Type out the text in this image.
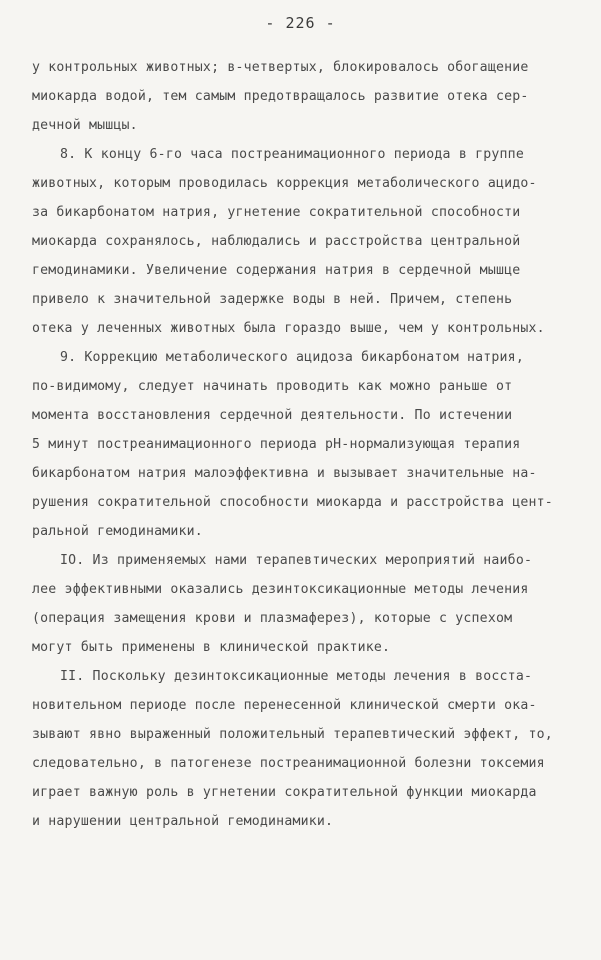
- 226 -

у контрольных животных; в-четвертых, блокировалось обогащение

миокарда водой, тем самым предотвращалось развитие отека сер-

дечной мышцы.

8. К концу 6-го часа постреанимационного периода в группе

животных, которым проводилась коррекция метаболического ацидо-

за бикарбонатом натрия, угнетение сократительной способности

миокарда сохранялось, наблюдались и расстройства центральной

гемодинамики. Увеличение содержания натрия в сердечной мышце

привело к значительной задержке воды в ней. Причем, степень

отека у леченных животных была гораздо выше, чем у контрольных.

9. Коррекцию метаболического ацидоза бикарбонатом натрия,

по-видимому, следует начинать проводить как можно раньше от

момента восстановления сердечной деятельности. По истечении

5 минут постреанимационного периода рН-нормализующая терапия

бикарбонатом натрия малоэффективна и вызывает значительные на-

рушения сократительной способности миокарда и расстройства цент-

ральной гемодинамики.

IO. Из применяемых нами терапевтических мероприятий наибо-

лее эффективными оказались дезинтоксикационные методы лечения

(операция замещения крови и плазмаферез), которые с успехом

могут быть применены в клинической практике.

II. Поскольку дезинтоксикационные методы лечения в восста-

новительном периоде после перенесенной клинической смерти ока-

зывают явно выраженный положительный терапевтический эффект, то,

следовательно, в патогенезе постреанимационной болезни токсемия

играет важную роль в угнетении сократительной функции миокарда

и нарушении центральной гемодинамики.
